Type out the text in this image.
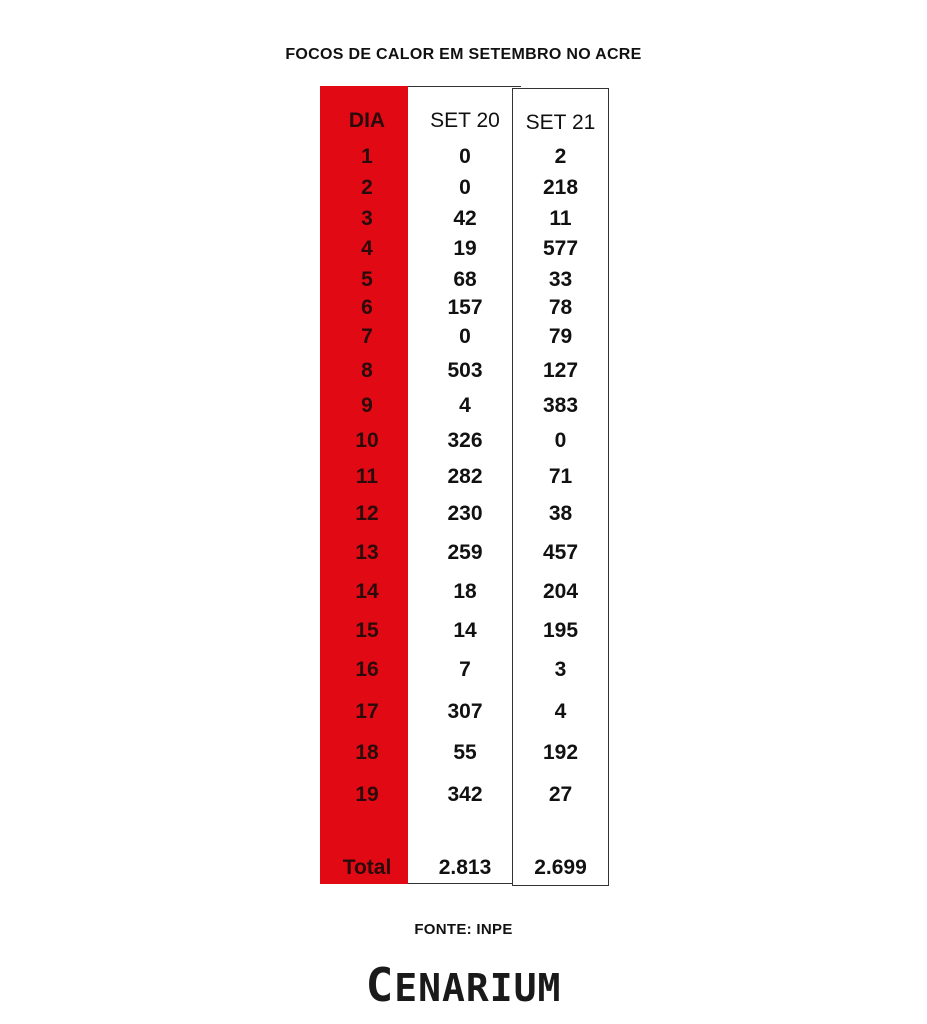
FOCOS DE CALOR EM SETEMBRO NO ACRE
DIA	SET 20	SET 21
1	0	2
2	0	218
3	42	11
4	19	577
5	68	33
6	157	78
7	0	79
8	503	127
9	4	383
10	326	0
11	282	71
12	230	38
13	259	457
14	18	204
15	14	195
16	7	3
17	307	4
18	55	192
19	342	27
Total	2.813	2.699
FONTE: INPE
CENARIUM
